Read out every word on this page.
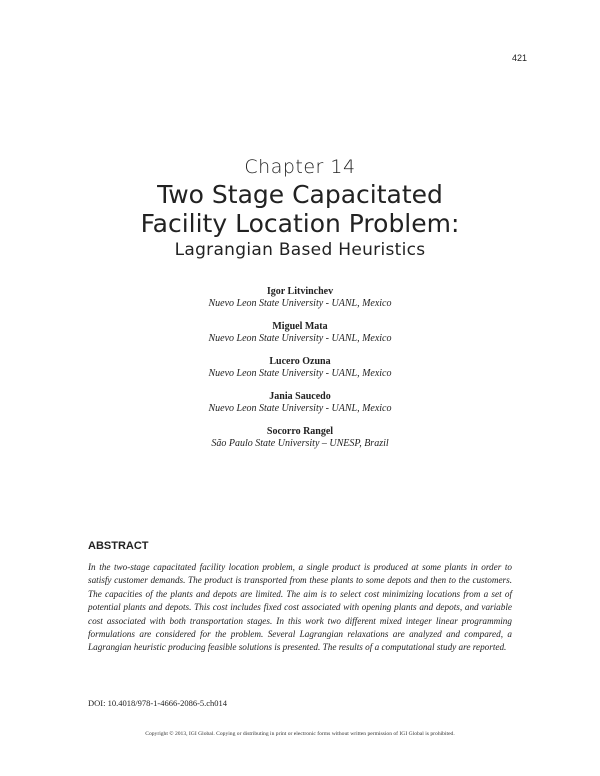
421
Chapter 14
Two Stage Capacitated
Facility Location Problem:
Lagrangian Based Heuristics
Igor Litvinchev
Nuevo Leon State University - UANL, Mexico
Miguel Mata
Nuevo Leon State University - UANL, Mexico
Lucero Ozuna
Nuevo Leon State University - UANL, Mexico
Jania Saucedo
Nuevo Leon State University - UANL, Mexico
Socorro Rangel
São Paulo State University – UNESP, Brazil
ABSTRACT
In the two-stage capacitated facility location problem, a single product is produced at some plants in order to satisfy customer demands. The product is transported from these plants to some depots and then to the customers. The capacities of the plants and depots are limited. The aim is to select cost minimizing locations from a set of potential plants and depots. This cost includes fixed cost associated with opening plants and depots, and variable cost associated with both transportation stages. In this work two different mixed integer linear programming formulations are considered for the problem. Several Lagrangian relaxations are analyzed and compared, a Lagrangian heuristic producing feasible solutions is presented. The results of a computational study are reported.
DOI: 10.4018/978-1-4666-2086-5.ch014
Copyright © 2013, IGI Global. Copying or distributing in print or electronic forms without written permission of IGI Global is prohibited.
